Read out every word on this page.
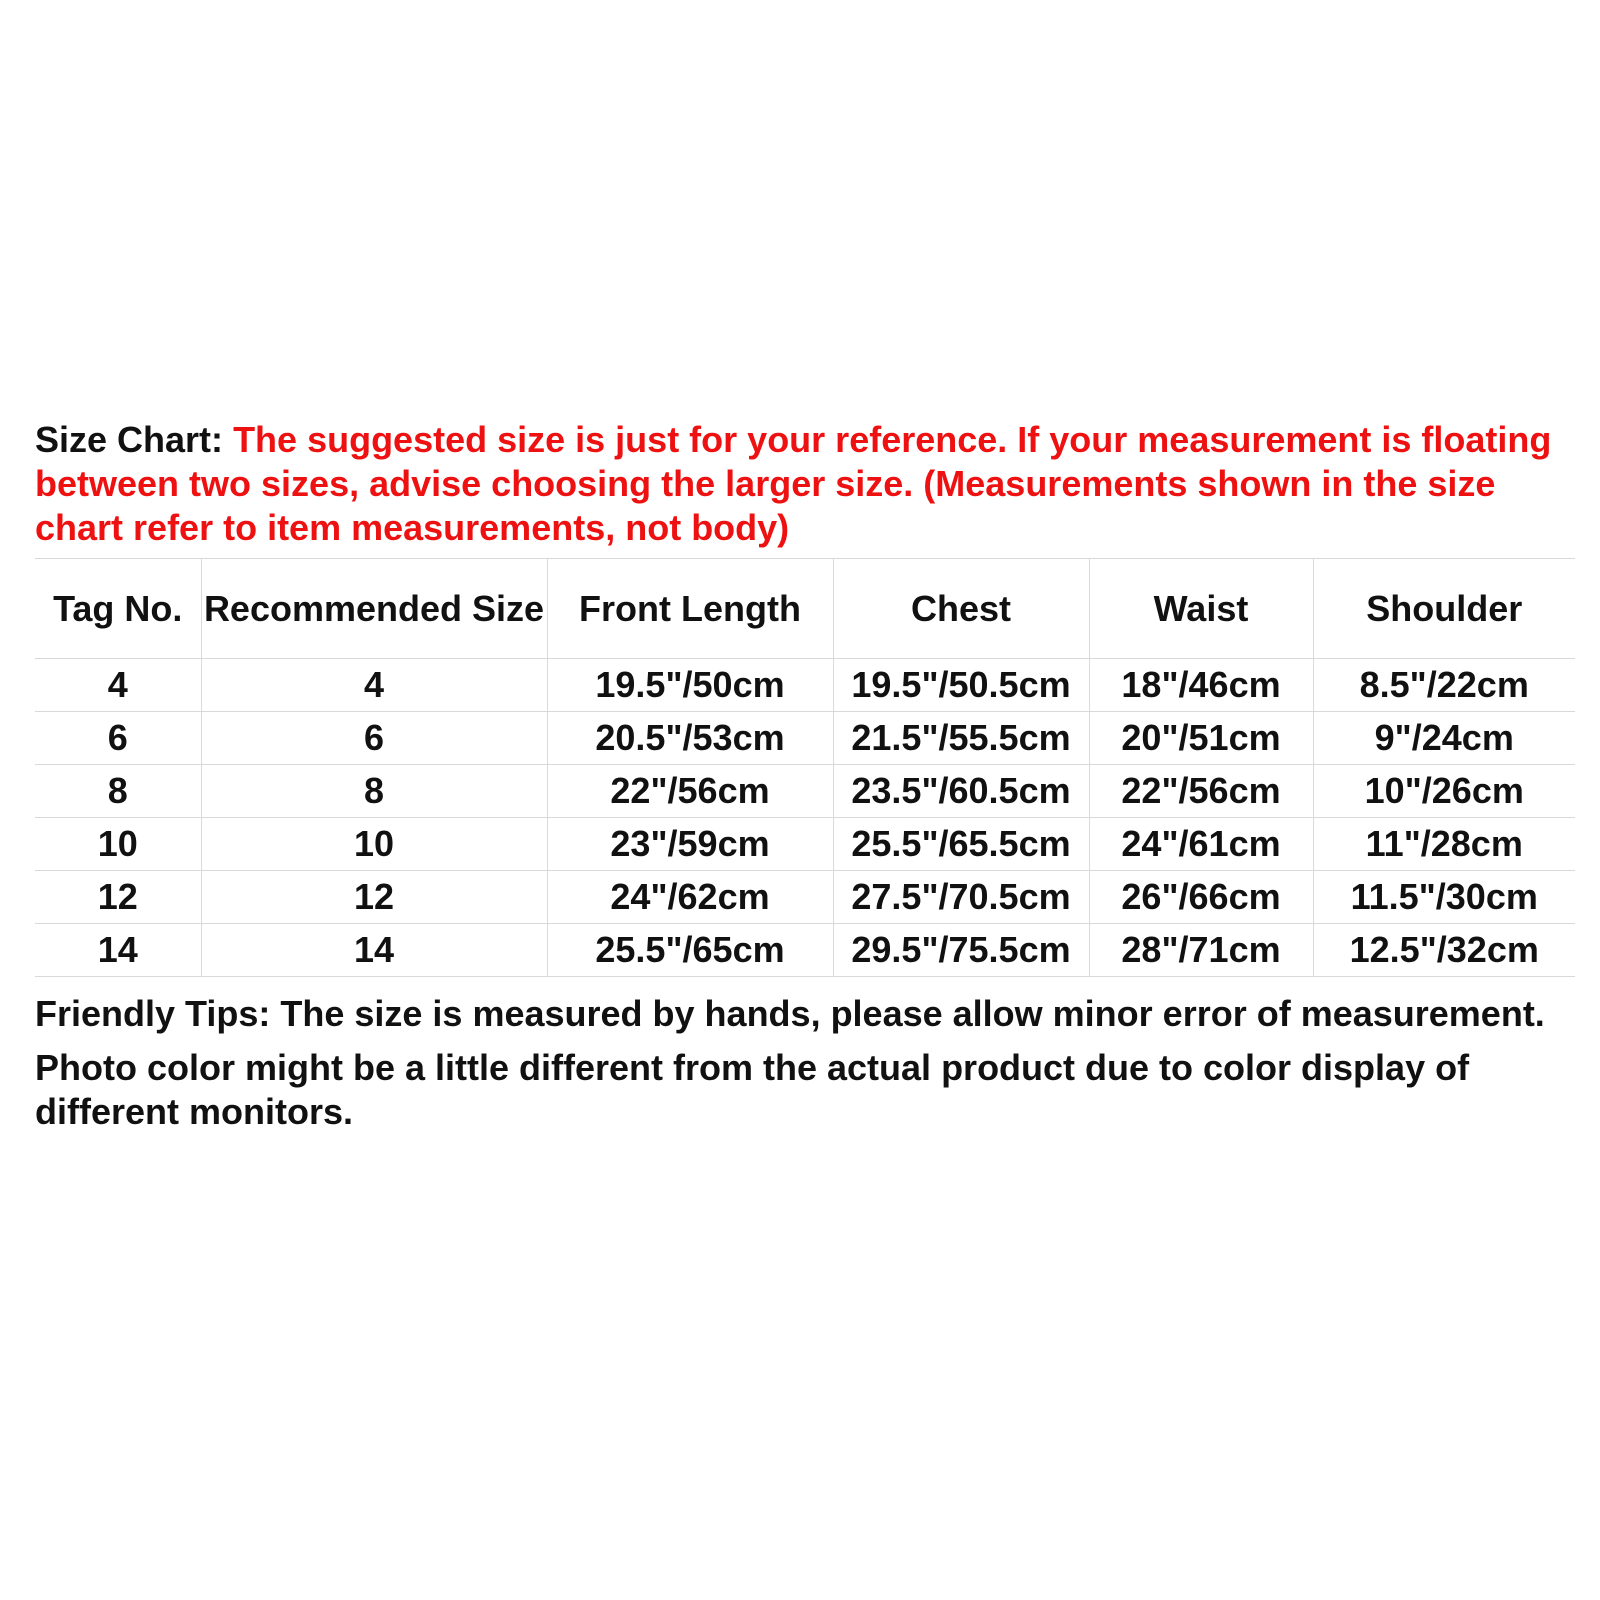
Size Chart: The suggested size is just for your reference. If your measurement is floating between two sizes, advise choosing the larger size. (Measurements shown in the size chart refer to item measurements, not body)

Tag No.	Recommended Size	Front Length	Chest	Waist	Shoulder
4	4	19.5"/50cm	19.5"/50.5cm	18"/46cm	8.5"/22cm
6	6	20.5"/53cm	21.5"/55.5cm	20"/51cm	9"/24cm
8	8	22"/56cm	23.5"/60.5cm	22"/56cm	10"/26cm
10	10	23"/59cm	25.5"/65.5cm	24"/61cm	11"/28cm
12	12	24"/62cm	27.5"/70.5cm	26"/66cm	11.5"/30cm
14	14	25.5"/65cm	29.5"/75.5cm	28"/71cm	12.5"/32cm

Friendly Tips: The size is measured by hands, please allow minor error of measurement.

Photo color might be a little different from the actual product due to color display of different monitors.
